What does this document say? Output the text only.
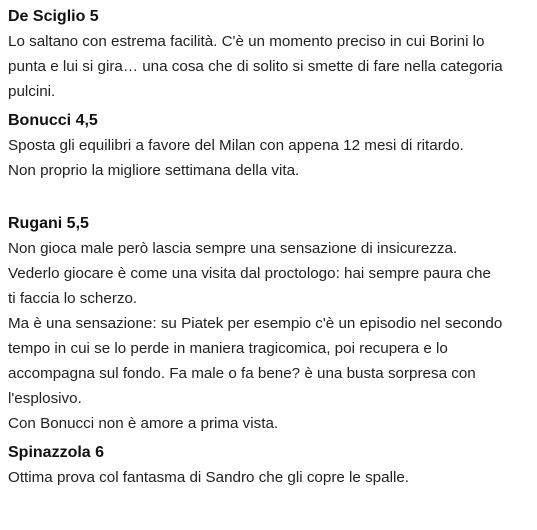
De Sciglio 5

Lo saltano con estrema facilità. C'è un momento preciso in cui Borini lo

punta e lui si gira… una cosa che di solito si smette di fare nella categoria

pulcini.

Bonucci 4,5

Sposta gli equilibri a favore del Milan con appena 12 mesi di ritardo.

Non proprio la migliore settimana della vita.

Rugani 5,5

Non gioca male però lascia sempre una sensazione di insicurezza.

Vederlo giocare è come una visita dal proctologo: hai sempre paura che

ti faccia lo scherzo.

Ma è una sensazione: su Piatek per esempio c'è un episodio nel secondo

tempo in cui se lo perde in maniera tragicomica, poi recupera e lo

accompagna sul fondo. Fa male o fa bene? è una busta sorpresa con

l'esplosivo.

Con Bonucci non è amore a prima vista.

Spinazzola 6

Ottima prova col fantasma di Sandro che gli copre le spalle.
